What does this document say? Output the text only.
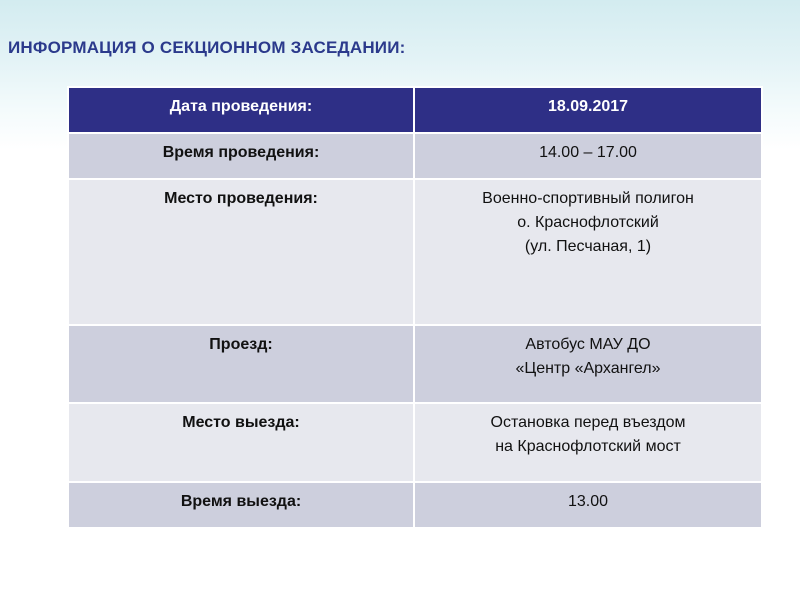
ИНФОРМАЦИЯ О СЕКЦИОННОМ ЗАСЕДАНИИ:
Дата проведения:	18.09.2017

Время проведения:	14.00 – 17.00

Место проведения:	Военно-спортивный полигон
о. Краснофлотский
(ул. Песчаная, 1)

Проезд:	Автобус МАУ ДО
«Центр «Архангел»

Место выезда:	Остановка перед въездом
на Краснофлотский мост

Время выезда:	13.00
